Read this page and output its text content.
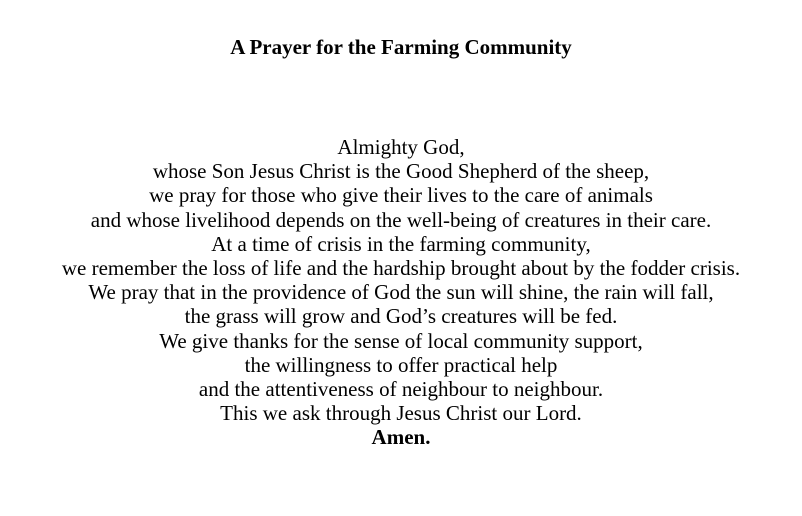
A Prayer for the Farming Community
Almighty God,
whose Son Jesus Christ is the Good Shepherd of the sheep,
we pray for those who give their lives to the care of animals
and whose livelihood depends on the well-being of creatures in their care.
At a time of crisis in the farming community,
we remember the loss of life and the hardship brought about by the fodder crisis.
We pray that in the providence of God the sun will shine, the rain will fall,
the grass will grow and God’s creatures will be fed.
We give thanks for the sense of local community support,
the willingness to offer practical help
and the attentiveness of neighbour to neighbour.
This we ask through Jesus Christ our Lord.
Amen.
